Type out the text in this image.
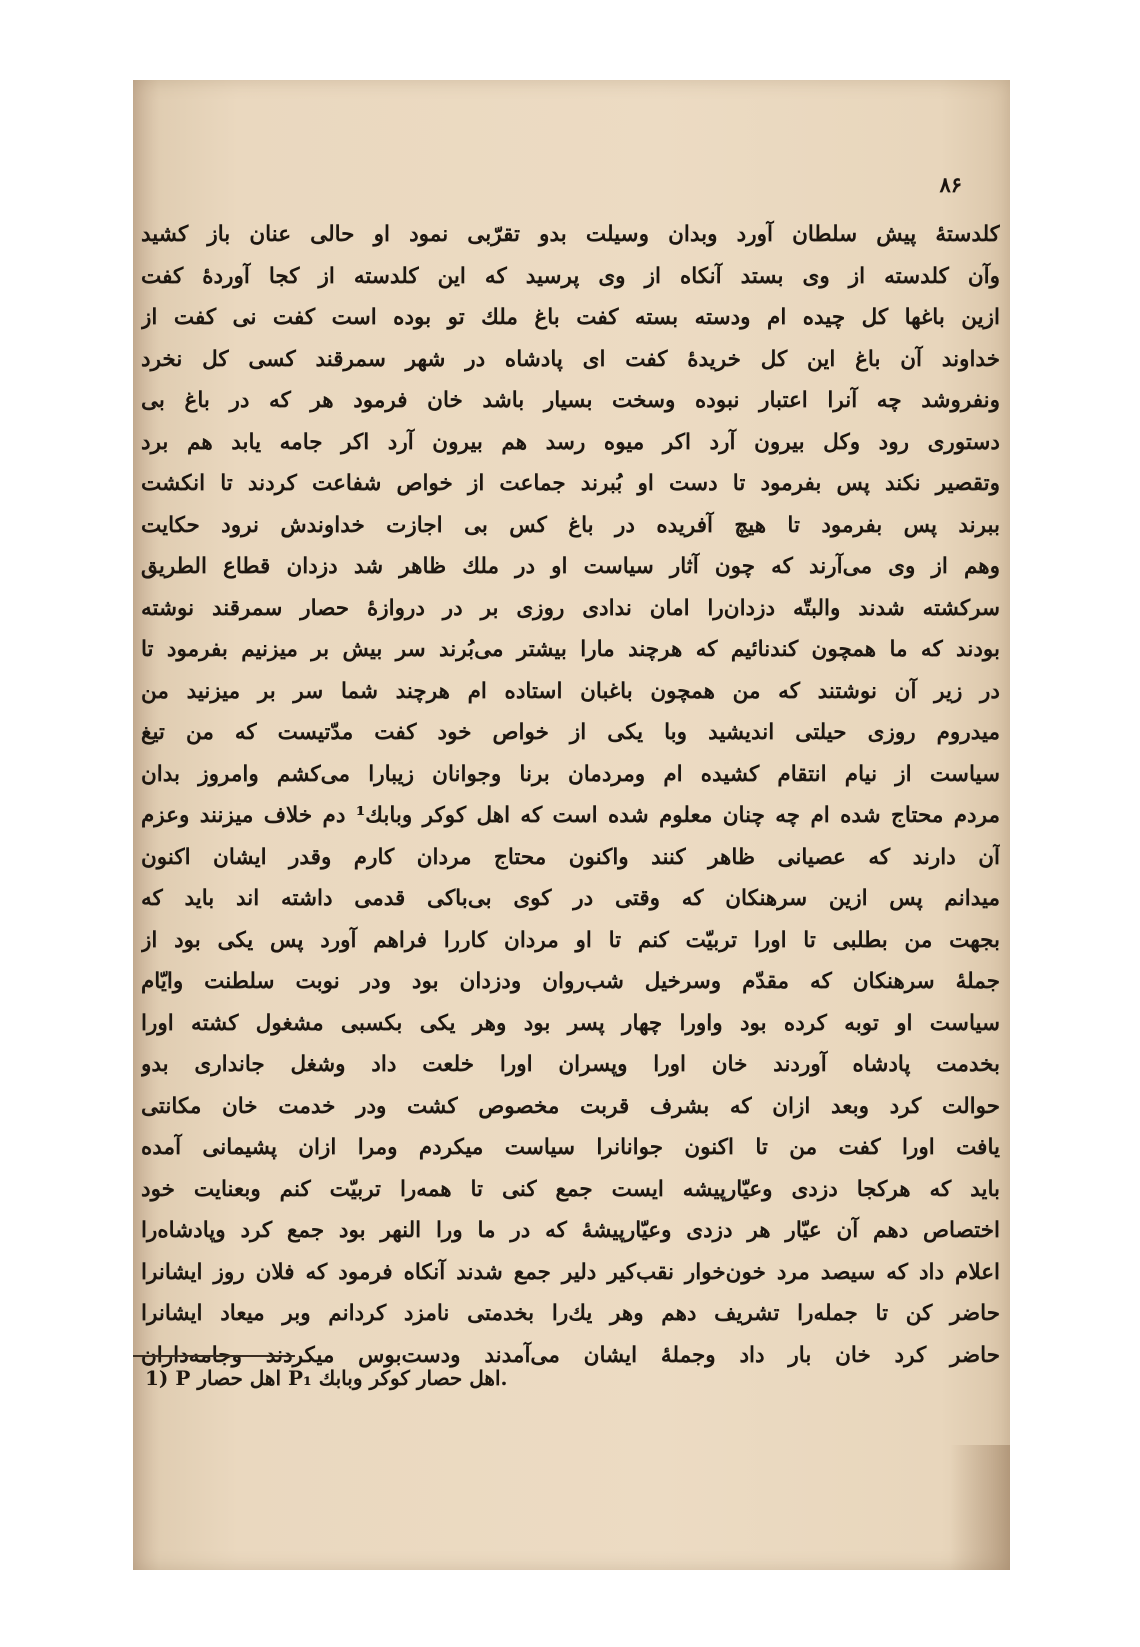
۸۶
کلدستهٔ پیش سلطان آورد وبدان وسیلت بدو تقرّبی نمود او حالی عنان باز کشید
وآن کلدسته از وی بستد آنکاه از وی پرسید که این کلدسته از کجا آوردهٔ کفت
ازین باغها کل چیده ام ودسته بسته کفت باغ ملك تو بوده است کفت نی کفت از
خداوند آن باغ این کل خریدهٔ کفت ای پادشاه در شهر سمرقند کسی کل نخرد
ونفروشد چه آنرا اعتبار نبوده وسخت بسیار باشد خان فرمود هر که در باغ بی
دستوری رود وکل بیرون آرد اکر میوه رسد هم بیرون آرد اکر جامه یابد هم برد
وتقصیر نکند پس بفرمود تا دست او بُبرند جماعت از خواص شفاعت کردند تا انکشت
ببرند پس بفرمود تا هیچ آفریده در باغ کس بی اجازت خداوندش نرود حکایت
وهم از وی می‌آرند که چون آثار سیاست او در ملك ظاهر شد دزدان قطاع الطریق
سرکشته شدند والبتّه دزدان‌را امان ندادی روزی بر در دروازهٔ حصار سمرقند نوشته
بودند که ما همچون کندنائیم که هرچند مارا بیشتر می‌بُرند سر بیش بر میزنیم بفرمود تا
در زیر آن نوشتند که من همچون باغبان استاده ام هرچند شما سر بر میزنید من
میدروم روزی حیلتی اندیشید وبا یکی از خواص خود کفت مدّتیست که من تیغ
سیاست از نیام انتقام کشیده ام ومردمان برنا وجوانان زیبارا می‌کشم وامروز بدان
مردم محتاج شده ام چه چنان معلوم شده است که اهل کوکر وبابك¹ دم خلاف میزنند وعزم
آن دارند که عصیانی ظاهر کنند واکنون محتاج مردان کارم وقدر ایشان اکنون
میدانم پس ازین سرهنکان که وقتی در کوی بی‌باکی قدمی داشته اند باید که
بجهت من بطلبی تا اورا تربیّت کنم تا او مردان کاررا فراهم آورد پس یکی بود از
جملهٔ سرهنکان که مقدّم وسرخیل شب‌روان ودزدان بود ودر نوبت سلطنت وایّام
سیاست او توبه کرده بود واورا چهار پسر بود وهر یکی بکسبی مشغول کشته اورا
بخدمت پادشاه آوردند خان اورا وپسران اورا خلعت داد وشغل جانداری بدو
حوالت کرد وبعد ازان که بشرف قربت مخصوص کشت ودر خدمت خان مکانتی
یافت اورا کفت من تا اکنون جوانانرا سیاست میکردم ومرا ازان پشیمانی آمده
باید که هرکجا دزدی وعیّارپیشه ایست جمع کنی تا همه‌را تربیّت کنم وبعنایت خود
اختصاص دهم آن عیّار هر دزدی وعیّارپیشهٔ که در ما ورا النهر بود جمع کرد وپادشاه‌را
اعلام داد که سیصد مرد خون‌خوار نقب‌کیر دلیر جمع شدند آنکاه فرمود که فلان روز ایشانرا
حاضر کن تا جمله‌را تشریف دهم وهر یك‌را بخدمتی نامزد کردانم وبر میعاد ایشانرا
حاضر کرد خان بار داد وجملهٔ ایشان می‌آمدند ودست‌بوس میکردند وجامه‌داران
1) P اهل حصار P₁ اهل حصار کوکر وبابك.
